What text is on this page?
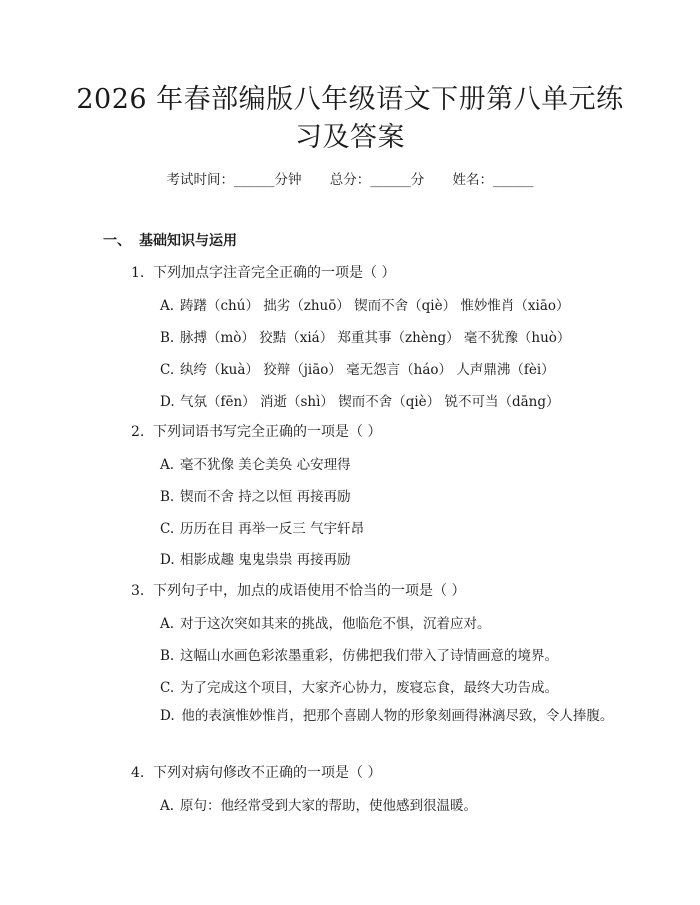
2026 年春部编版八年级语文下册第八单元练
习及答案
考试时间：______分钟 总分：______分 姓名：______
一、 基础知识与运用
1. 下列加点字注音完全正确的一项是（ ）
A. 踌躇（chú） 拙劣（zhuō） 锲而不舍（qiè） 惟妙惟肖（xiāo）
B. 脉搏（mò） 狡黠（xiá） 郑重其事（zhèng） 毫不犹豫（huò）
C. 纨绔（kuà） 狡辩（jiāo） 毫无怨言（háo） 人声鼎沸（fèi）
D. 气氛（fēn） 消逝（shì） 锲而不舍（qiè） 锐不可当（dāng）
2. 下列词语书写完全正确的一项是（ ）
A. 毫不犹像 美仑美奂 心安理得
B. 锲而不舍 持之以恒 再接再励
C. 历历在目 再举一反三 气宇轩昂
D. 相影成趣 鬼鬼祟祟 再接再励
3. 下列句子中，加点的成语使用不恰当的一项是（ ）
A. 对于这次突如其来的挑战，他临危不惧，沉着应对。
B. 这幅山水画色彩浓墨重彩，仿佛把我们带入了诗情画意的境界。
C. 为了完成这个项目，大家齐心协力，废寝忘食，最终大功告成。
D.  他的表演惟妙惟肖，把那个喜剧人物的形象刻画得淋漓尽致，令人捧腹。
4. 下列对病句修改不正确的一项是（ ）
A. 原句：他经常受到大家的帮助，使他感到很温暖。
